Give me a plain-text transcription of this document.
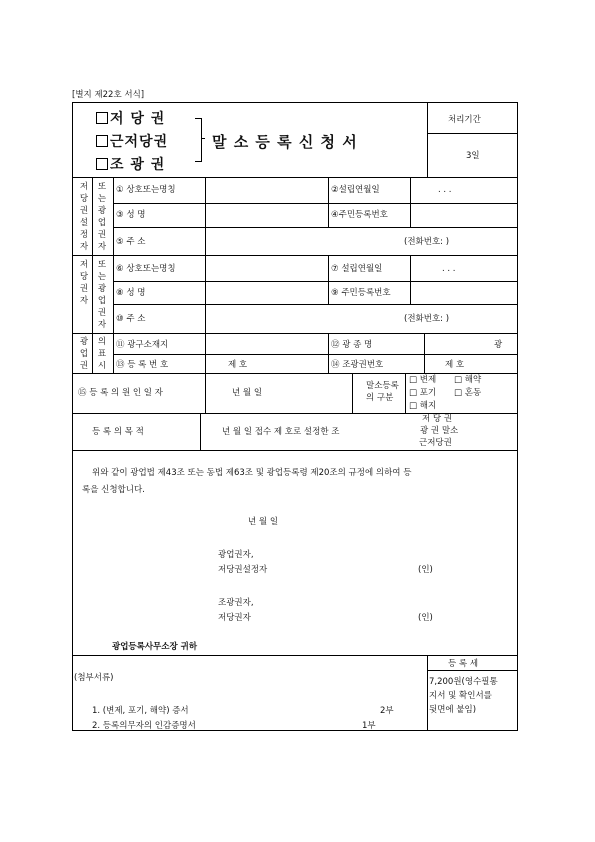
[별지 제22호 서식]
저 당 권
근저당권
조 광 권
말 소 등 록 신 청 서
처리기간
3일
저당권설정자
또는광업권자
① 상호또는명칭	②설립연월일	. . .
③ 성 명	④주민등록번호
⑤ 주 소	(전화번호: )
저당권자
또는광업권자
⑥ 상호또는명칭	⑦ 설립연월일	. . .
⑧ 성 명	⑨ 주민등록번호
⑩ 주 소	(전화번호: )
광업권
의표시
⑪ 광구소재지	⑫ 광 종 명	광
⑬ 등 록 번 호	제 호	⑭ 조광권번호	제 호
⑮ 등 록 의 원 인 일 자	년 월 일
말소등록
의 구분
□ 변제 □ 해약
□ 포기 □ 혼동
□ 해지
등 록 의 목 적	년 월 일 접수 제 호로 설정한 조
저 당 권
광 권 말소
근저당권
위와 같이 광업법 제43조 또는 동법 제63조 및 광업등록령 제20조의 규정에 의하여 등
록을 신청합니다.
년 월 일
광업권자,
저당권설정자	(인)
조광권자,
저당권자	(인)
광업등록사무소장 귀하
(첨부서류)
1. (변제, 포기, 해약) 증서	2부
2. 등록의무자의 인감증명서	1부
등 록 세
7,200원(영수필통
지서 및 확인서를
뒷면에 붙임)
